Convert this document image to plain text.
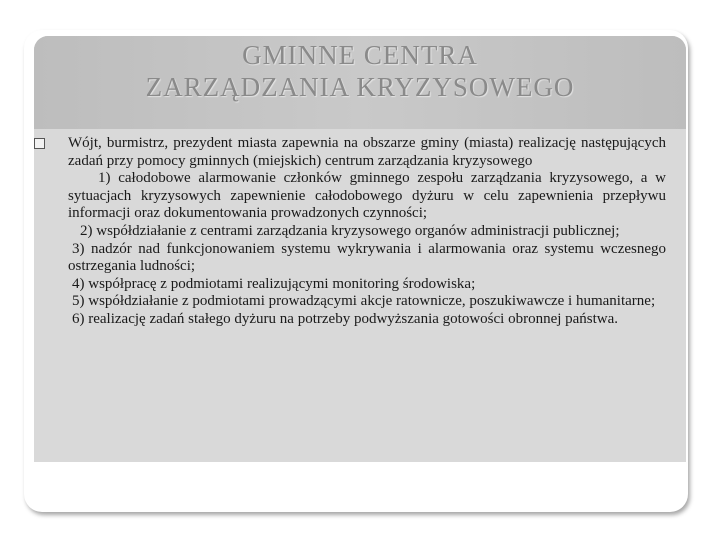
GMINNE CENTRA
ZARZĄDZANIA KRYZYSOWEGO

Wójt, burmistrz, prezydent miasta zapewnia na obszarze gminy (miasta) realizację następujących zadań przy pomocy gminnych (miejskich) centrum zarządzania kryzysowego

1) całodobowe alarmowanie członków gminnego zespołu zarządzania kryzysowego, a w sytuacjach kryzysowych zapewnienie całodobowego dyżuru w celu zapewnienia przepływu informacji oraz dokumentowania prowadzonych czynności;

2) współdziałanie z centrami zarządzania kryzysowego organów administracji publicznej;

3) nadzór nad funkcjonowaniem systemu wykrywania i alarmowania oraz systemu wczesnego ostrzegania ludności;

4) współpracę z podmiotami realizującymi monitoring środowiska;

5) współdziałanie z podmiotami prowadzącymi akcje ratownicze, poszukiwawcze i humanitarne;

6) realizację zadań stałego dyżuru na potrzeby podwyższania gotowości obronnej państwa.
